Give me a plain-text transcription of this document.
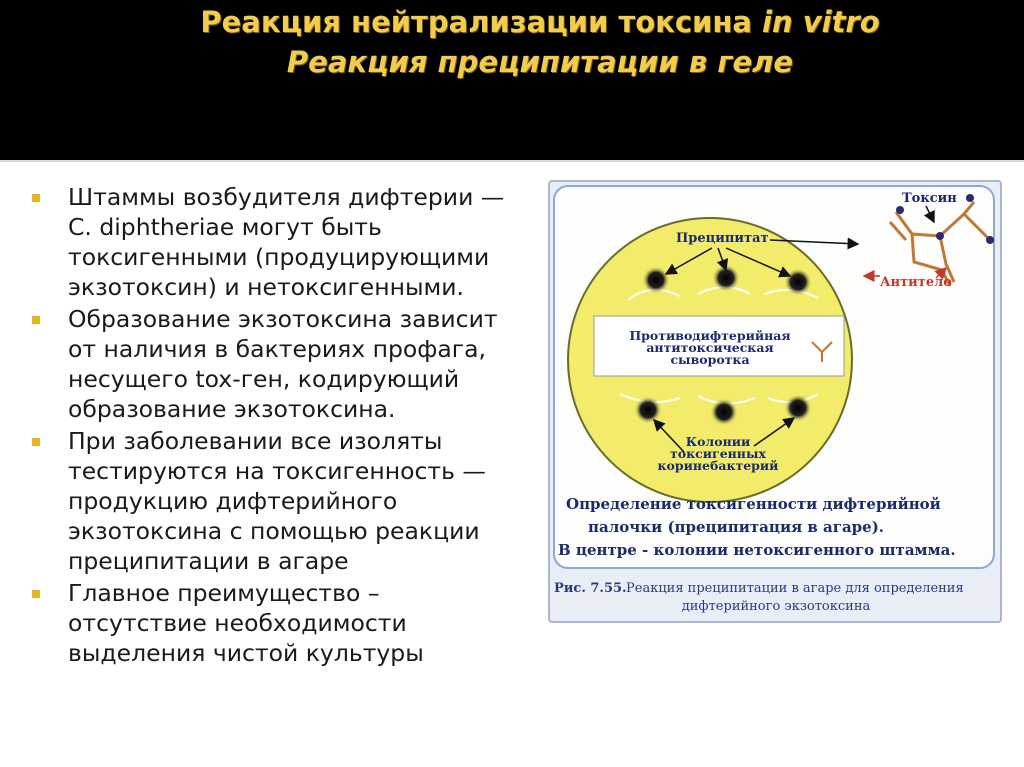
Реакция нейтрализации токсина in vitro
Реакция преципитации в геле
Штаммы возбудителя дифтерии — C. diphtheriae могут быть токсигенными (продуцирующими экзотоксин) и нетоксигенными.
Образование экзотоксина зависит от наличия в бактериях профага, несущего tox-ген, кодирующий образование экзотоксина.
При заболевании все изоляты тестируются на токсигенность — продукцию дифтерийного экзотоксина с помощью реакции преципитации в агаре
Главное преимущество – отсутствие необходимости выделения чистой культуры
Противодифтерийная
антитоксическая
сыворотка
Преципитат
Колонии
токсигенных
коринебактерий
Токсин
Антитело
Определение токсигенности дифтерийной
палочки (преципитация в агаре).
В центре - колонии нетоксигенного штамма.
Рис. 7.55. Реакция преципитации в агаре для определения
дифтерийного экзотоксина
